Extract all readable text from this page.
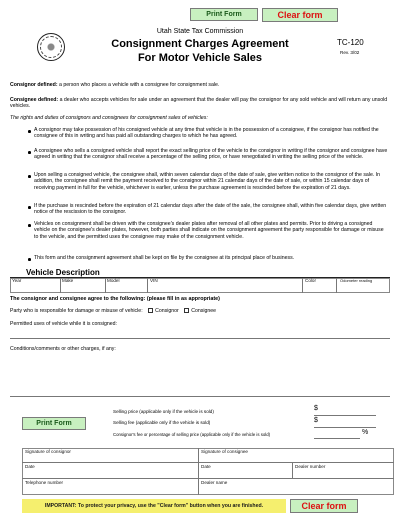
Print Form	Clear form
Utah State Tax Commission
Consignment Charges Agreement
For Motor Vehicle Sales
TC-120
Rev. 3/02
Consignor defined: a person who places a vehicle with a consignee for consignment sale.
Consignee defined: a dealer who accepts vehicles for sale under an agreement that the dealer will pay the consignor for any sold vehicle and will return any unsold vehicles.
The rights and duties of consignors and consignees for consignment sales of vehicles:
A consignor may take possession of his consigned vehicle at any time that vehicle is in the possession of a consignee, if the consignor has notified the consignee of this in writing and has paid all outstanding charges to which he has agreed.
A consignee who sells a consigned vehicle shall report the exact selling price of the vehicle to the consignor in writing if the consignor and consignee have agreed in writing that the consignor shall receive a percentage of the selling price, or have renegotiated in writing the selling price of the vehicle.
Upon selling a consigned vehicle, the consignee shall, within seven calendar days of the date of sale, give written notice to the consignor of the sale. In addition, the consignee shall remit the payment received to the consignor within 21 calendar days of the date of sale, or within 15 calendar days of receiving payment in full for the vehicle, whichever is earlier, unless the purchase agreement is rescinded before the expiration of 21 days.
If the purchase is rescinded before the expiration of 21 calendar days after the date of the sale, the consignee shall, within five calendar days, give written notice of the rescission to the consignor.
Vehicles on consignment shall be driven with the consignee's dealer plates after removal of all other plates and permits. Prior to driving a consigned vehicle on the consignee's dealer plates, however, both parties shall indicate on the consignment agreement the party responsible for damage or misuse to the vehicle, and the permitted uses the consignee may make of the consignment vehicle.
This form and the consignment agreement shall be kept on file by the consignee at its principal place of business.
Vehicle Description
Year	Make	Model	VIN	Color	Odometer reading
The consignor and consignee agree to the following: (please fill in as appropriate)
Party who is responsible for damage or misuse of vehicle: Consignor Consignee
Permitted uses of vehicle while it is consigned:
Conditions/comments or other charges, if any:
Selling price (applicable only if the vehicle is sold)	$
Selling fee (applicable only if the vehicle is sold)	$
Consignor's fee or percentage of selling price (applicable only if the vehicle is sold)	%
Print Form
Signature of consignor	Signature of consignee
Date	Date	Dealer number
Telephone number	Dealer name
IMPORTANT: To protect your privacy, use the "Clear form" button when you are finished.	Clear form
